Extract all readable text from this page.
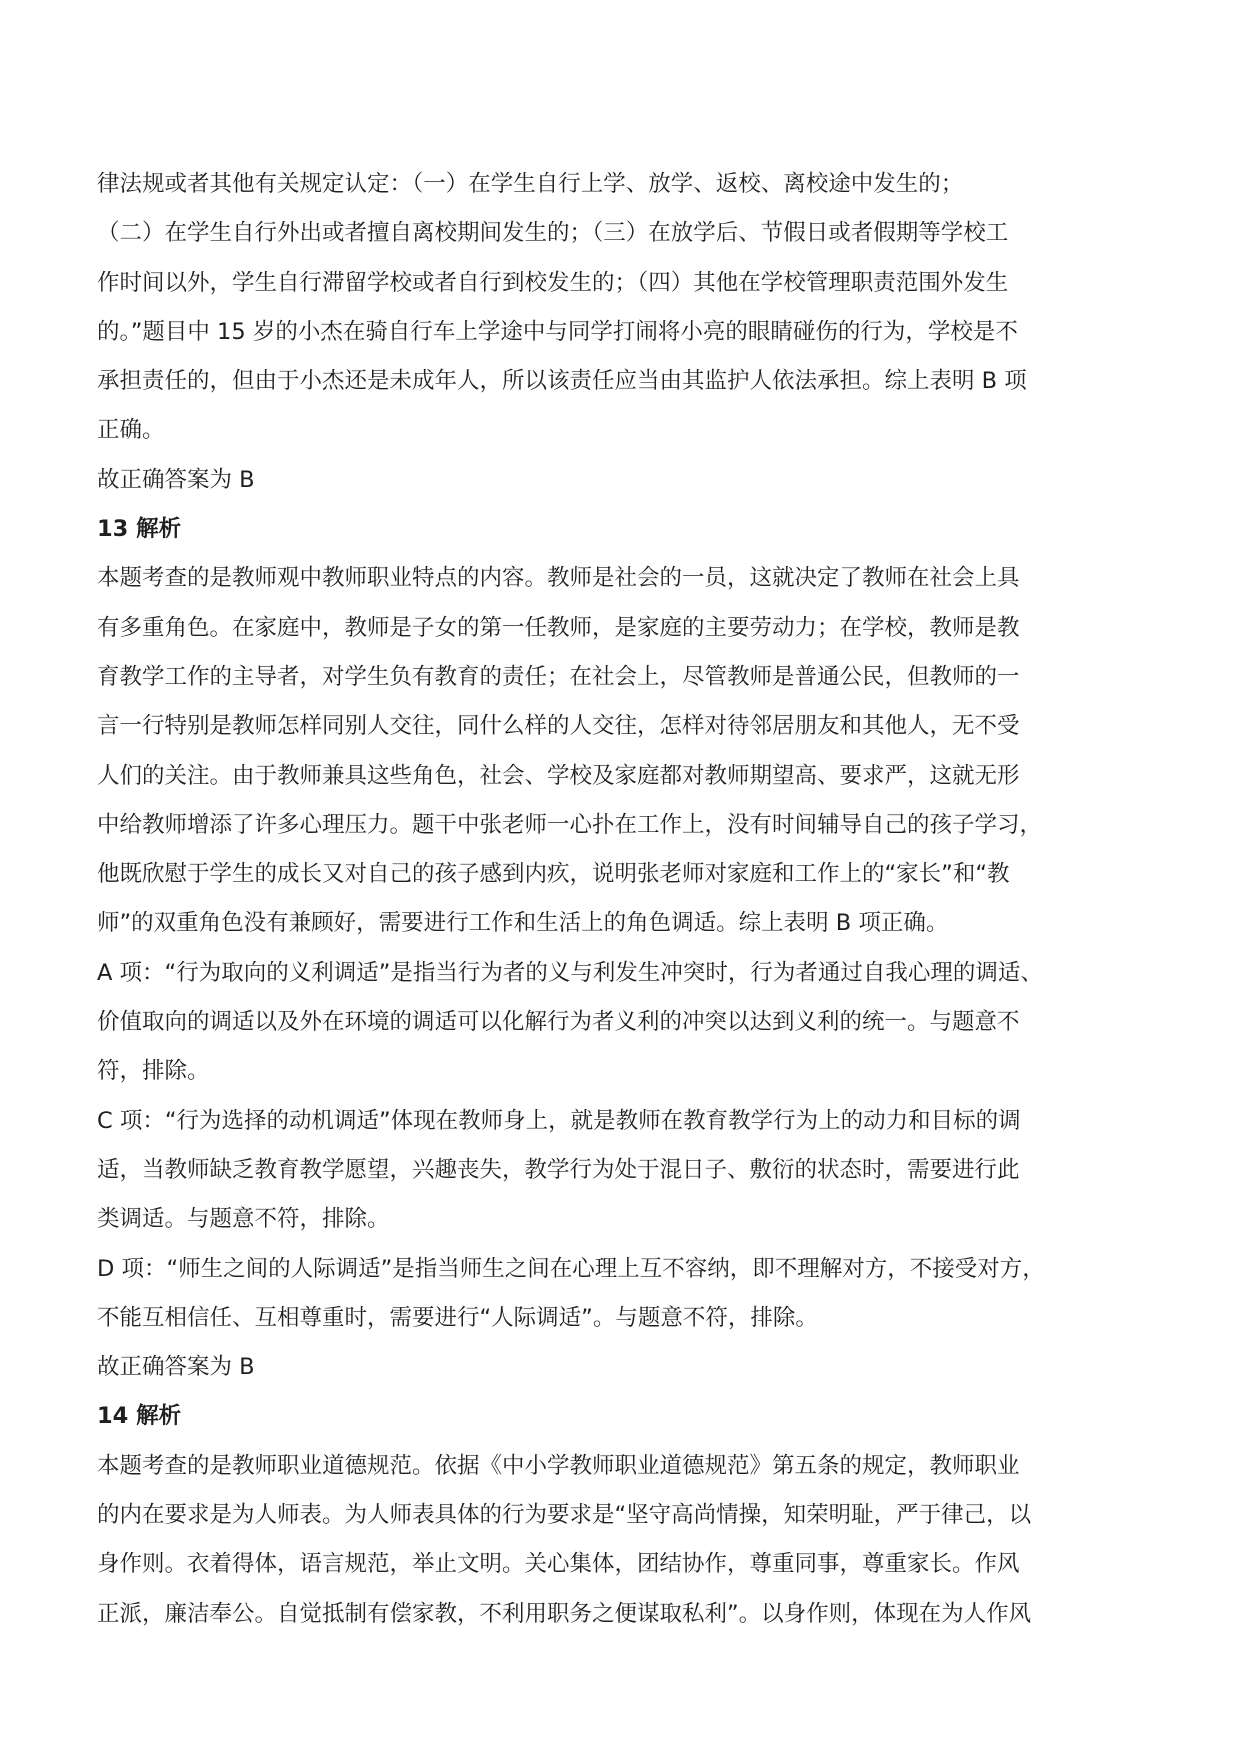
律法规或者其他有关规定认定：（一）在学生自行上学、放学、返校、离校途中发生的；
（二）在学生自行外出或者擅自离校期间发生的；（三）在放学后、节假日或者假期等学校工
作时间以外，学生自行滞留学校或者自行到校发生的；（四）其他在学校管理职责范围外发生
的。”题目中 15 岁的小杰在骑自行车上学途中与同学打闹将小亮的眼睛碰伤的行为，学校是不
承担责任的，但由于小杰还是未成年人，所以该责任应当由其监护人依法承担。综上表明 B 项
正确。
故正确答案为 B
13 解析
本题考查的是教师观中教师职业特点的内容。教师是社会的一员，这就决定了教师在社会上具
有多重角色。在家庭中，教师是子女的第一任教师，是家庭的主要劳动力；在学校，教师是教
育教学工作的主导者，对学生负有教育的责任；在社会上，尽管教师是普通公民，但教师的一
言一行特别是教师怎样同别人交往，同什么样的人交往，怎样对待邻居朋友和其他人，无不受
人们的关注。由于教师兼具这些角色，社会、学校及家庭都对教师期望高、要求严，这就无形
中给教师增添了许多心理压力。题干中张老师一心扑在工作上，没有时间辅导自己的孩子学习，
他既欣慰于学生的成长又对自己的孩子感到内疚，说明张老师对家庭和工作上的“家长”和“教
师”的双重角色没有兼顾好，需要进行工作和生活上的角色调适。综上表明 B 项正确。
A 项：“行为取向的义利调适”是指当行为者的义与利发生冲突时，行为者通过自我心理的调适、
价值取向的调适以及外在环境的调适可以化解行为者义利的冲突以达到义利的统一。与题意不
符，排除。
C 项：“行为选择的动机调适”体现在教师身上，就是教师在教育教学行为上的动力和目标的调
适，当教师缺乏教育教学愿望，兴趣丧失，教学行为处于混日子、敷衍的状态时，需要进行此
类调适。与题意不符，排除。
D 项：“师生之间的人际调适”是指当师生之间在心理上互不容纳，即不理解对方，不接受对方，
不能互相信任、互相尊重时，需要进行“人际调适”。与题意不符，排除。
故正确答案为 B
14 解析
本题考查的是教师职业道德规范。依据《中小学教师职业道德规范》第五条的规定，教师职业
的内在要求是为人师表。为人师表具体的行为要求是“坚守高尚情操，知荣明耻，严于律己，以
身作则。衣着得体，语言规范，举止文明。关心集体，团结协作，尊重同事，尊重家长。作风
正派，廉洁奉公。自觉抵制有偿家教，不利用职务之便谋取私利”。以身作则，体现在为人作风
